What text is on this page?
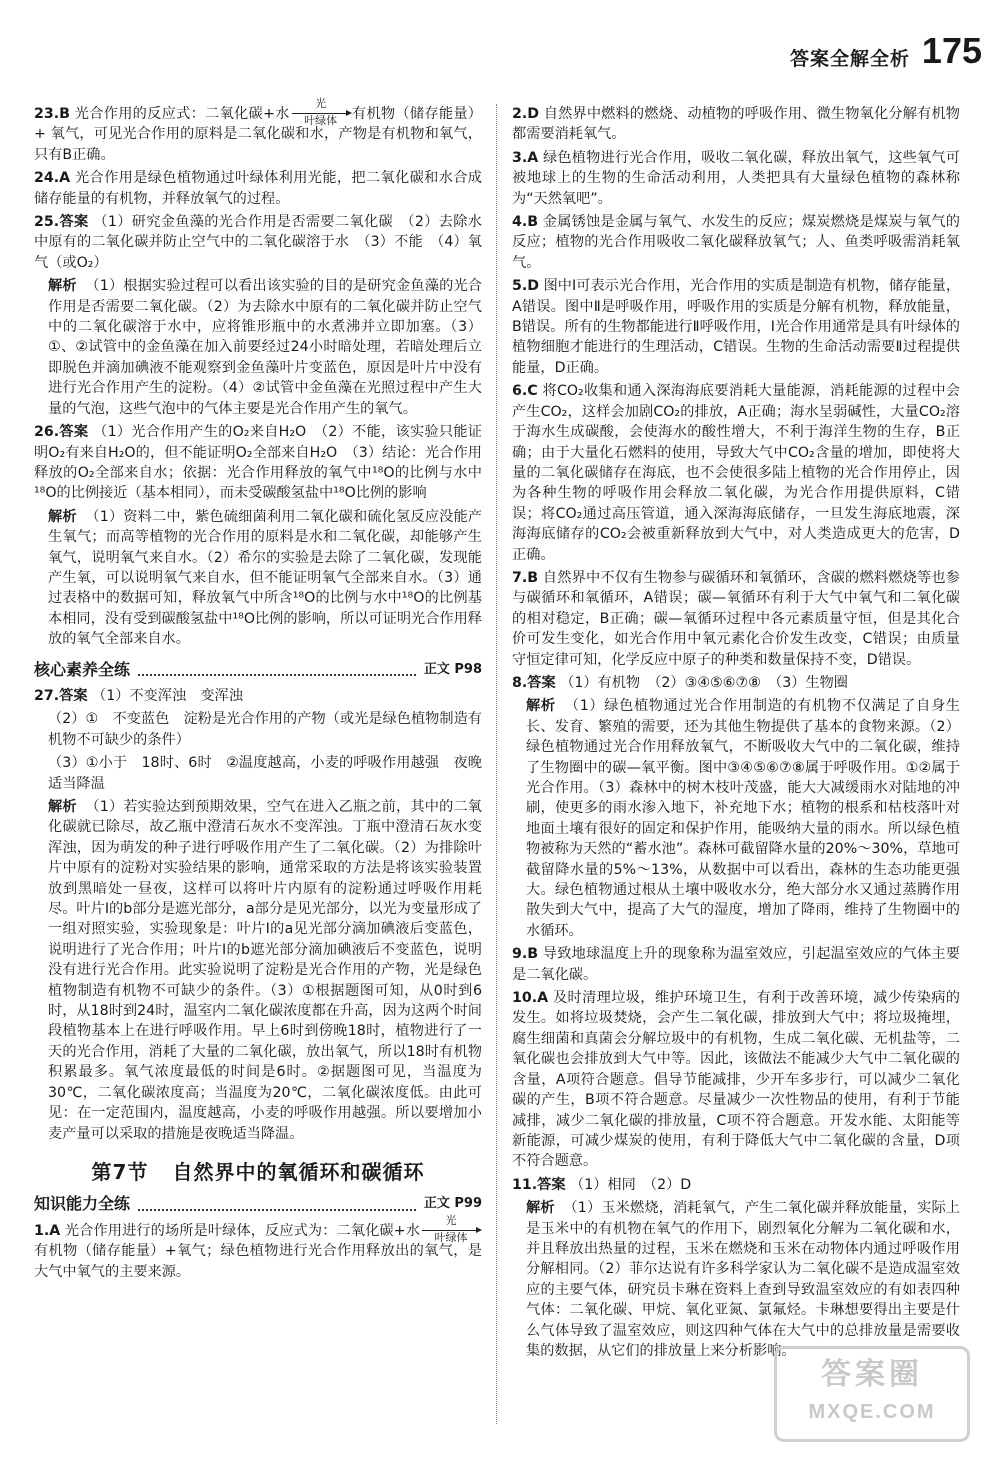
答案全解全析 175
23.B 光合作用的反应式：二氧化碳+水
光
叶绿体	有机物（储存能量）+ 氧气，可见光合作用的原料是二氧化碳和水，产物是有机物和氧气，只有B正确。
24.A 光合作用是绿色植物通过叶绿体利用光能，把二氧化碳和水合成储存能量的有机物，并释放氧气的过程。
25.答案 （1）研究金鱼藻的光合作用是否需要二氧化碳　（2）去除水中原有的二氧化碳并防止空气中的二氧化碳溶于水　（3）不能　（4）氧气（或O₂）
解析 （1）根据实验过程可以看出该实验的目的是研究金鱼藻的光合作用是否需要二氧化碳。（2）为去除水中原有的二氧化碳并防止空气中的二氧化碳溶于水中，应将锥形瓶中的水煮沸并立即加塞。（3）①、②试管中的金鱼藻在加入前要经过24小时暗处理，若暗处理后立即脱色并滴加碘液不能观察到金鱼藻叶片变蓝色，原因是叶片中没有进行光合作用产生的淀粉。（4）②试管中金鱼藻在光照过程中产生大量的气泡，这些气泡中的气体主要是光合作用产生的氧气。
26.答案 （1）光合作用产生的O₂来自H₂O　（2）不能，该实验只能证明O₂有来自H₂O的，但不能证明O₂全部来自H₂O　（3）结论：光合作用释放的O₂全部来自水；依据：光合作用释放的氧气中¹⁸O的比例与水中¹⁸O的比例接近（基本相同），而未受碳酸氢盐中¹⁸O比例的影响
解析 （1）资料二中，紫色硫细菌利用二氧化碳和硫化氢反应没能产生氧气；而高等植物的光合作用的原料是水和二氧化碳，却能够产生氧气，说明氧气来自水。（2）希尔的实验是去除了二氧化碳，发现能产生氧，可以说明氧气来自水，但不能证明氧气全部来自水。（3）通过表格中的数据可知，释放氧气中所含¹⁸O的比例与水中¹⁸O的比例基本相同，没有受到碳酸氢盐中¹⁸O比例的影响，所以可证明光合作用释放的氧气全部来自水。
核心素养全练	正文 P98
27.答案 （1）不变浑浊　变浑浊
（2）①　不变蓝色　淀粉是光合作用的产物（或光是绿色植物制造有机物不可缺少的条件）
（3）①小于　18时、6时　②温度越高，小麦的呼吸作用越强　夜晚适当降温
解析 （1）若实验达到预期效果，空气在进入乙瓶之前，其中的二氧化碳就已除尽，故乙瓶中澄清石灰水不变浑浊。丁瓶中澄清石灰水变浑浊，因为萌发的种子进行呼吸作用产生了二氧化碳。（2）为排除叶片中原有的淀粉对实验结果的影响，通常采取的方法是将该实验装置放到黑暗处一昼夜，这样可以将叶片内原有的淀粉通过呼吸作用耗尽。叶片Ⅰ的b部分是遮光部分，a部分是见光部分，以光为变量形成了一组对照实验，实验现象是：叶片Ⅰ的a见光部分滴加碘液后变蓝色，说明进行了光合作用；叶片Ⅰ的b遮光部分滴加碘液后不变蓝色，说明没有进行光合作用。此实验说明了淀粉是光合作用的产物，光是绿色植物制造有机物不可缺少的条件。（3）①根据题图可知，从0时到6时，从18时到24时，温室内二氧化碳浓度都在升高，因为这两个时间段植物基本上在进行呼吸作用。早上6时到傍晚18时，植物进行了一天的光合作用，消耗了大量的二氧化碳，放出氧气，所以18时有机物积累最多。氧气浓度最低的时间是6时。②据题图可见，当温度为30℃，二氧化碳浓度高；当温度为20℃，二氧化碳浓度低。由此可见：在一定范围内，温度越高，小麦的呼吸作用越强。所以要增加小麦产量可以采取的措施是夜晚适当降温。
第7节 自然界中的氧循环和碳循环
知识能力全练	正文 P99
1.A 光合作用进行的场所是叶绿体，反应式为：二氧化碳+水
光
叶绿体
有机物（储存能量）+氧气；绿色植物进行光合作用释放出的氧气，是大气中氧气的主要来源。
2.D 自然界中燃料的燃烧、动植物的呼吸作用、微生物氧化分解有机物都需要消耗氧气。
3.A 绿色植物进行光合作用，吸收二氧化碳，释放出氧气，这些氧气可被地球上的生物的生命活动利用，人类把具有大量绿色植物的森林称为“天然氧吧”。
4.B 金属锈蚀是金属与氧气、水发生的反应；煤炭燃烧是煤炭与氧气的反应；植物的光合作用吸收二氧化碳释放氧气；人、鱼类呼吸需消耗氧气。
5.D 图中Ⅰ可表示光合作用，光合作用的实质是制造有机物，储存能量，A错误。图中Ⅱ是呼吸作用，呼吸作用的实质是分解有机物，释放能量，B错误。所有的生物都能进行Ⅱ呼吸作用，Ⅰ光合作用通常是具有叶绿体的植物细胞才能进行的生理活动，C错误。生物的生命活动需要Ⅱ过程提供能量，D正确。
6.C 将CO₂收集和通入深海海底要消耗大量能源，消耗能源的过程中会产生CO₂，这样会加剧CO₂的排放，A正确；海水呈弱碱性，大量CO₂溶于海水生成碳酸，会使海水的酸性增大，不利于海洋生物的生存，B正确；由于大量化石燃料的使用，导致大气中CO₂含量的增加，即使将大量的二氧化碳储存在海底，也不会使很多陆上植物的光合作用停止，因为各种生物的呼吸作用会释放二氧化碳，为光合作用提供原料，C错误；将CO₂通过高压管道，通入深海海底储存，一旦发生海底地震，深海海底储存的CO₂会被重新释放到大气中，对人类造成更大的危害，D正确。
7.B 自然界中不仅有生物参与碳循环和氧循环，含碳的燃料燃烧等也参与碳循环和氧循环，A错误；碳—氧循环有利于大气中氧气和二氧化碳的相对稳定，B正确；碳—氧循环过程中各元素质量守恒，但是其化合价可发生变化，如光合作用中氧元素化合价发生改变，C错误；由质量守恒定律可知，化学反应中原子的种类和数量保持不变，D错误。
8.答案 （1）有机物　（2）③④⑤⑥⑦⑧　（3）生物圈
解析 （1）绿色植物通过光合作用制造的有机物不仅满足了自身生长、发育、繁殖的需要，还为其他生物提供了基本的食物来源。（2）绿色植物通过光合作用释放氧气，不断吸收大气中的二氧化碳，维持了生物圈中的碳—氧平衡。图中③④⑤⑥⑦⑧属于呼吸作用。①②属于光合作用。（3）森林中的树木枝叶茂盛，能大大减缓雨水对陆地的冲刷，使更多的雨水渗入地下，补充地下水；植物的根系和枯枝落叶对地面土壤有很好的固定和保护作用，能吸纳大量的雨水。所以绿色植物被称为天然的“蓄水池”。森林可截留降水量的20%～30%，草地可截留降水量的5%～13%，从数据中可以看出，森林的生态功能更强大。绿色植物通过根从土壤中吸收水分，绝大部分水又通过蒸腾作用散失到大气中，提高了大气的湿度，增加了降雨，维持了生物圈中的水循环。
9.B 导致地球温度上升的现象称为温室效应，引起温室效应的气体主要是二氧化碳。
10.A 及时清理垃圾，维护环境卫生，有利于改善环境，减少传染病的发生。如将垃圾焚烧，会产生二氧化碳，排放到大气中；将垃圾掩埋，腐生细菌和真菌会分解垃圾中的有机物，生成二氧化碳、无机盐等，二氧化碳也会排放到大气中等。因此，该做法不能减少大气中二氧化碳的含量，A项符合题意。倡导节能减排，少开车多步行，可以减少二氧化碳的产生，B项不符合题意。尽量减少一次性物品的使用，有利于节能减排，减少二氧化碳的排放量，C项不符合题意。开发水能、太阳能等新能源，可减少煤炭的使用，有利于降低大气中二氧化碳的含量，D项不符合题意。
11.答案 （1）相同　（2）D
解析 （1）玉米燃烧，消耗氧气，产生二氧化碳并释放能量，实际上是玉米中的有机物在氧气的作用下，剧烈氧化分解为二氧化碳和水，并且释放出热量的过程，玉米在燃烧和玉米在动物体内通过呼吸作用分解相同。（2）菲尔达说有许多科学家认为二氧化碳不是造成温室效应的主要气体，研究员卡琳在资料上查到导致温室效应的有如表四种气体：二氧化碳、甲烷、氧化亚氮、氯氟烃。卡琳想要得出主要是什么气体导致了温室效应，则这四种气体在大气中的总排放量是需要收集的数据，从它们的排放量上来分析影响。
答案圈
MXQE.COM
